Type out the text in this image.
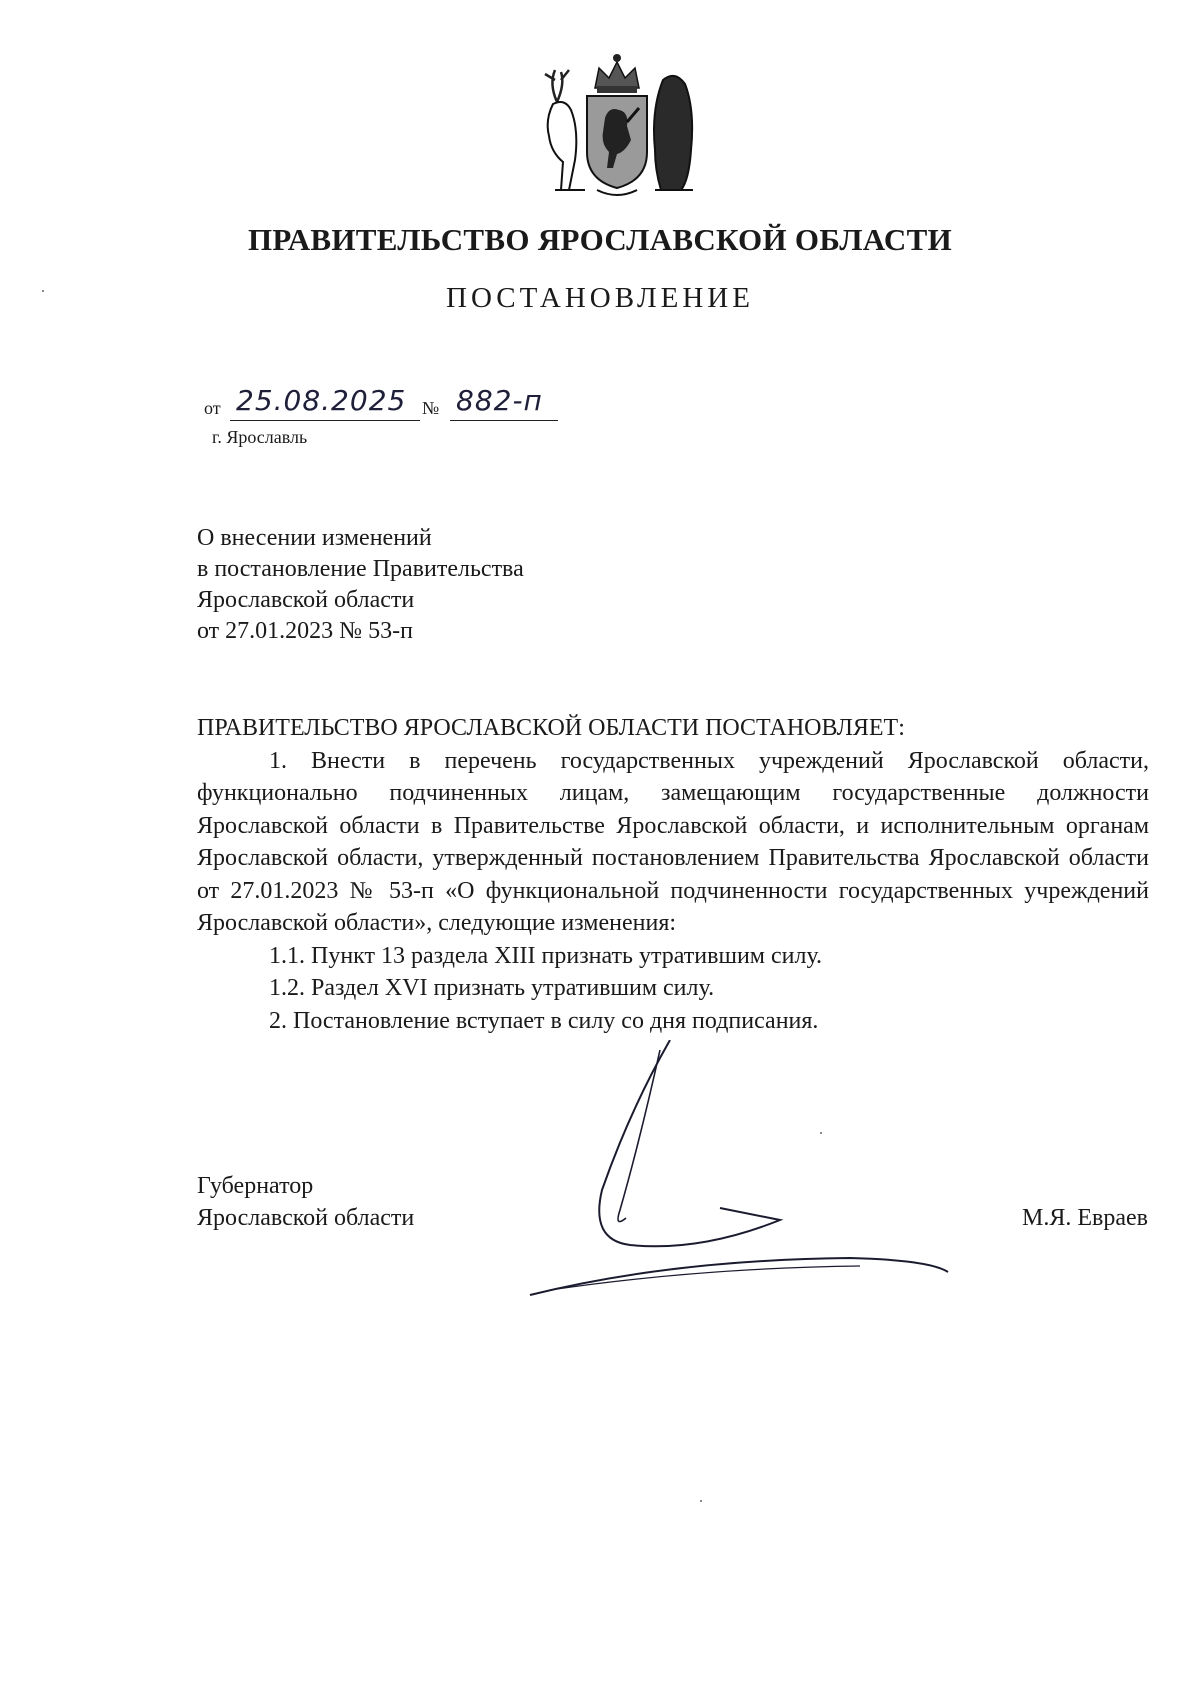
ПРАВИТЕЛЬСТВО ЯРОСЛАВСКОЙ ОБЛАСТИ
ПОСТАНОВЛЕНИЕ
от 25.08.2025 № 882-п
г. Ярославль
О внесении изменений
в постановление Правительства
Ярославской области
от 27.01.2023 № 53-п
ПРАВИТЕЛЬСТВО ЯРОСЛАВСКОЙ ОБЛАСТИ ПОСТАНОВЛЯЕТ:
1. Внести в перечень государственных учреждений Ярославской области, функционально подчиненных лицам, замещающим государственные должности Ярославской области в Правительстве Ярославской области, и исполнительным органам Ярославской области, утвержденный постановлением Правительства Ярославской области от 27.01.2023 № 53-п «О функциональной подчиненности государственных учреждений Ярославской области», следующие изменения:
1.1. Пункт 13 раздела XIII признать утратившим силу.
1.2. Раздел XVI признать утратившим силу.
2. Постановление вступает в силу со дня подписания.
Губернатор
Ярославской области	М.Я. Евраев
